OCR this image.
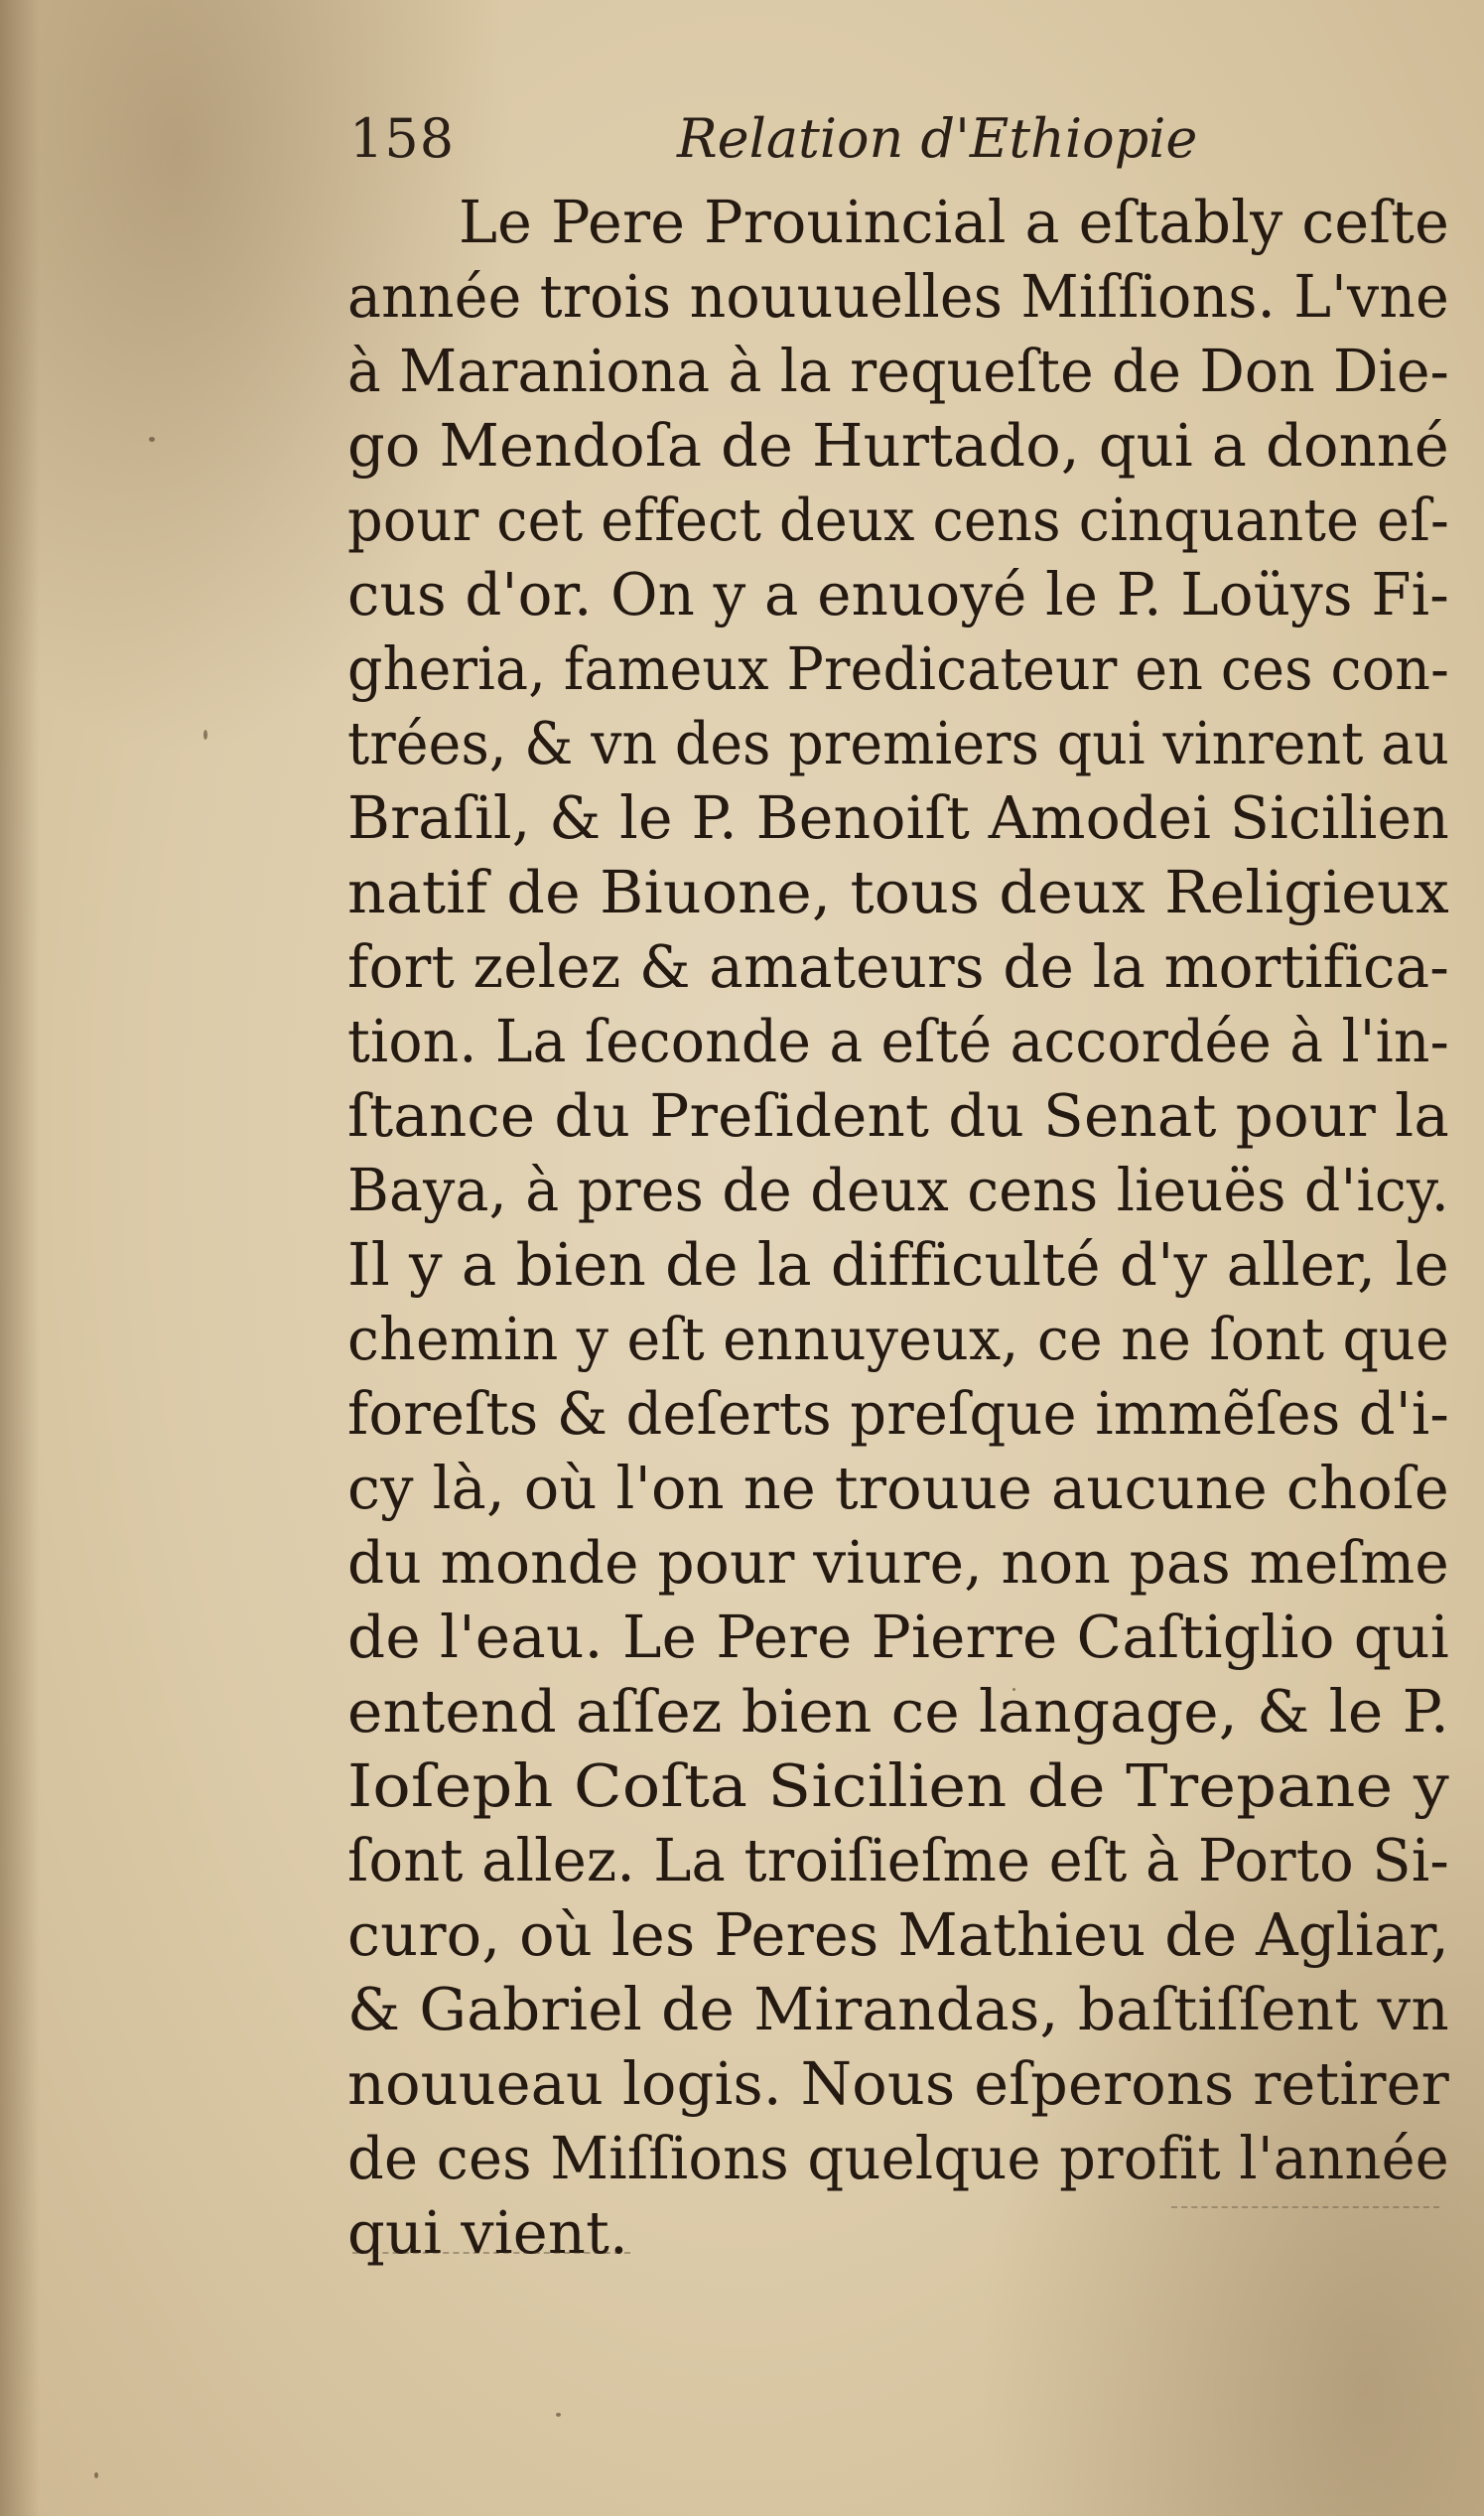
158	Relation d'Ethiopie
Le Pere Prouincial a eſtably ceſte
année trois nouuuelles Miſſions. L'vne
à Maraniona à la requeſte de Don Die-
go Mendoſa de Hurtado, qui a donné
pour cet effect deux cens cinquante eſ-
cus d'or. On y a enuoyé le P. Loüys Fi-
gheria, fameux Predicateur en ces con-
trées, & vn des premiers qui vinrent au
Braſil, & le P. Benoiſt Amodei Sicilien
natif de Biuone, tous deux Religieux
fort zelez & amateurs de la mortifica-
tion. La ſeconde a eſté accordée à l'in-
ſtance du Preſident du Senat pour la
Baya, à pres de deux cens lieuës d'icy.
Il y a bien de la difficulté d'y aller, le
chemin y eſt ennuyeux, ce ne ſont que
foreſts & deſerts preſque immẽſes d'i-
cy là, où l'on ne trouue aucune choſe
du monde pour viure, non pas meſme
de l'eau. Le Pere Pierre Caſtiglio qui
entend aſſez bien ce langage, & le P.
Ioſeph Coſta Sicilien de Trepane y
ſont allez. La troiſieſme eſt à Porto Si-
curo, où les Peres Mathieu de Agliar,
& Gabriel de Mirandas, baſtiſſent vn
nouueau logis. Nous eſperons retirer
de ces Miſſions quelque profit l'année
qui vient.
